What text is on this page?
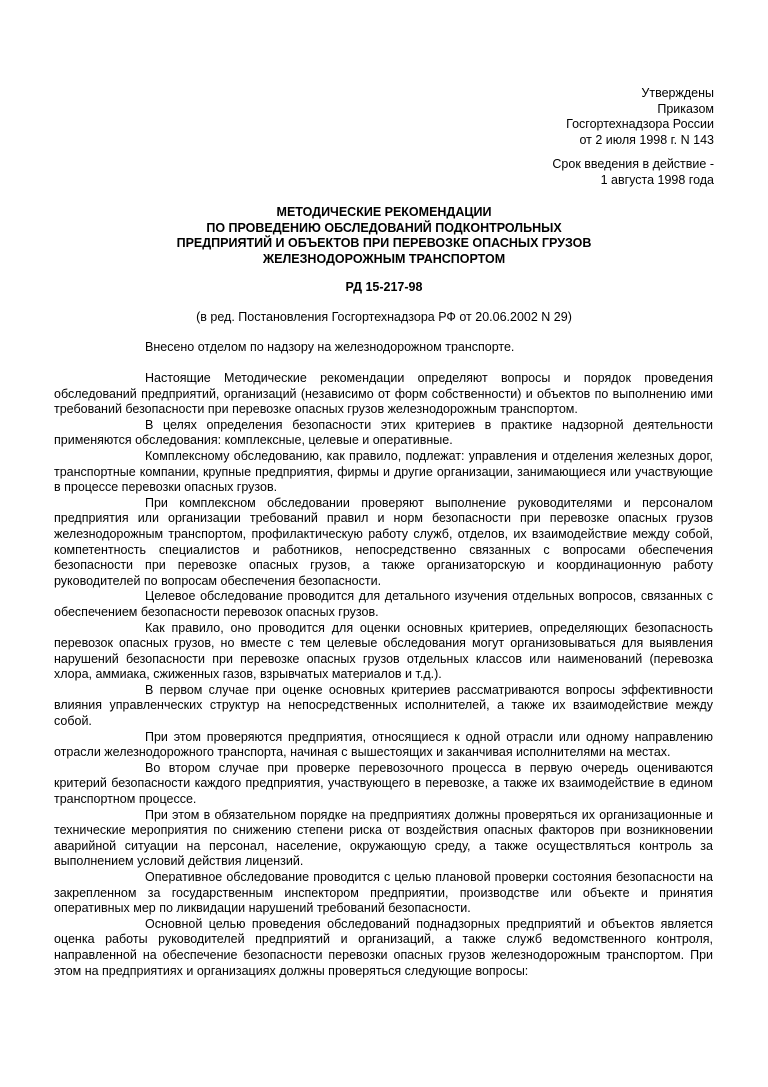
Утверждены
Приказом
Госгортехнадзора России
от 2 июля 1998 г. N 143
Срок введения в действие -
1 августа 1998 года
МЕТОДИЧЕСКИЕ РЕКОМЕНДАЦИИ
ПО ПРОВЕДЕНИЮ ОБСЛЕДОВАНИЙ ПОДКОНТРОЛЬНЫХ
ПРЕДПРИЯТИЙ И ОБЪЕКТОВ ПРИ ПЕРЕВОЗКЕ ОПАСНЫХ ГРУЗОВ
ЖЕЛЕЗНОДОРОЖНЫМ ТРАНСПОРТОМ
РД 15-217-98
(в ред. Постановления Госгортехнадзора РФ от 20.06.2002 N 29)
Внесено отделом по надзору на железнодорожном транспорте.

Настоящие Методические рекомендации определяют вопросы и порядок проведения обследований предприятий, организаций (независимо от форм собственности) и объектов по выполнению ими требований безопасности при перевозке опасных грузов железнодорожным транспортом.

В целях определения безопасности этих критериев в практике надзорной деятельности применяются обследования: комплексные, целевые и оперативные.

Комплексному обследованию, как правило, подлежат: управления и отделения железных дорог, транспортные компании, крупные предприятия, фирмы и другие организации, занимающиеся или участвующие в процессе перевозки опасных грузов.

При комплексном обследовании проверяют выполнение руководителями и персоналом предприятия или организации требований правил и норм безопасности при перевозке опасных грузов железнодорожным транспортом, профилактическую работу служб, отделов, их взаимодействие между собой, компетентность специалистов и работников, непосредственно связанных с вопросами обеспечения безопасности при перевозке опасных грузов, а также организаторскую и координационную работу руководителей по вопросам обеспечения безопасности.

Целевое обследование проводится для детального изучения отдельных вопросов, связанных с обеспечением безопасности перевозок опасных грузов.

Как правило, оно проводится для оценки основных критериев, определяющих безопасность перевозок опасных грузов, но вместе с тем целевые обследования могут организовываться для выявления нарушений безопасности при перевозке опасных грузов отдельных классов или наименований (перевозка хлора, аммиака, сжиженных газов, взрывчатых материалов и т.д.).

В первом случае при оценке основных критериев рассматриваются вопросы эффективности влияния управленческих структур на непосредственных исполнителей, а также их взаимодействие между собой.

При этом проверяются предприятия, относящиеся к одной отрасли или одному направлению отрасли железнодорожного транспорта, начиная с вышестоящих и заканчивая исполнителями на местах.

Во втором случае при проверке перевозочного процесса в первую очередь оцениваются критерий безопасности каждого предприятия, участвующего в перевозке, а также их взаимодействие в едином транспортном процессе.

При этом в обязательном порядке на предприятиях должны проверяться их организационные и технические мероприятия по снижению степени риска от воздействия опасных факторов при возникновении аварийной ситуации на персонал, население, окружающую среду, а также осуществляться контроль за выполнением условий действия лицензий.

Оперативное обследование проводится с целью плановой проверки состояния безопасности на закрепленном за государственным инспектором предприятии, производстве или объекте и принятия оперативных мер по ликвидации нарушений требований безопасности.

Основной целью проведения обследований поднадзорных предприятий и объектов является оценка работы руководителей предприятий и организаций, а также служб ведомственного контроля, направленной на обеспечение безопасности перевозки опасных грузов железнодорожным транспортом. При этом на предприятиях и организациях должны проверяться следующие вопросы:
